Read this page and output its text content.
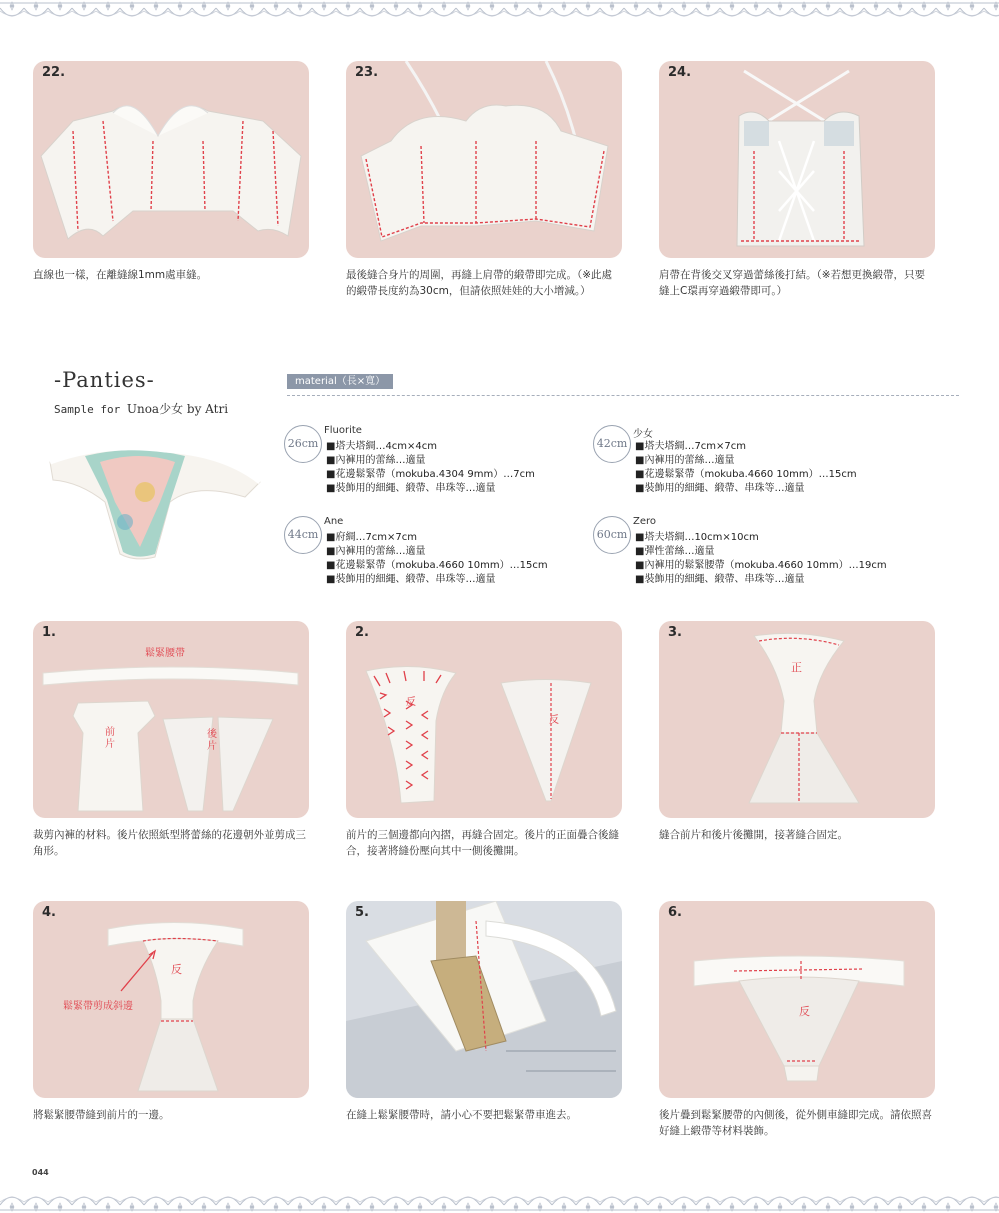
22.
直線也一樣，在離縫線1mm處車縫。
23.
最後縫合身片的周圍，再縫上肩帶的緞帶即完成。（※此處的緞帶長度約為30cm，但請依照娃娃的大小增減。）
24.
肩帶在背後交叉穿過蕾絲後打結。（※若想更換緞帶，只要縫上C環再穿過緞帶即可。）
-Panties-
Sample for Unoa少女 by Atri
material（長×寬）
26cm
Fluorite
■塔夫塔綢…4cm×4cm
■內褲用的蕾絲…適量
■花邊鬆緊帶（mokuba.4304 9mm）…7cm
■裝飾用的細繩、緞帶、串珠等…適量
42cm
少女
■塔夫塔綢…7cm×7cm
■內褲用的蕾絲…適量
■花邊鬆緊帶（mokuba.4660 10mm）…15cm
■裝飾用的細繩、緞帶、串珠等…適量
44cm
Ane
■府綢…7cm×7cm
■內褲用的蕾絲…適量
■花邊鬆緊帶（mokuba.4660 10mm）…15cm
■裝飾用的細繩、緞帶、串珠等…適量
60cm
Zero
■塔夫塔綢…10cm×10cm
■彈性蕾絲…適量
■內褲用的鬆緊腰帶（mokuba.4660 10mm）…19cm
■裝飾用的細繩、緞帶、串珠等…適量
1.
鬆緊腰帶
前片
後片
裁剪內褲的材料。後片依照紙型將蕾絲的花邊朝外並剪成三角形。
2.
反
反
前片的三個邊都向內摺，再縫合固定。後片的正面疊合後縫合，接著將縫份壓向其中一側後攤開。
3.
正
縫合前片和後片後攤開，接著縫合固定。
4.
反
鬆緊帶剪成斜邊
將鬆緊腰帶縫到前片的一邊。
5.
在縫上鬆緊腰帶時，請小心不要把鬆緊帶車進去。
6.
反
後片疊到鬆緊腰帶的內側後，從外側車縫即完成。請依照喜好縫上緞帶等材料裝飾。
044
